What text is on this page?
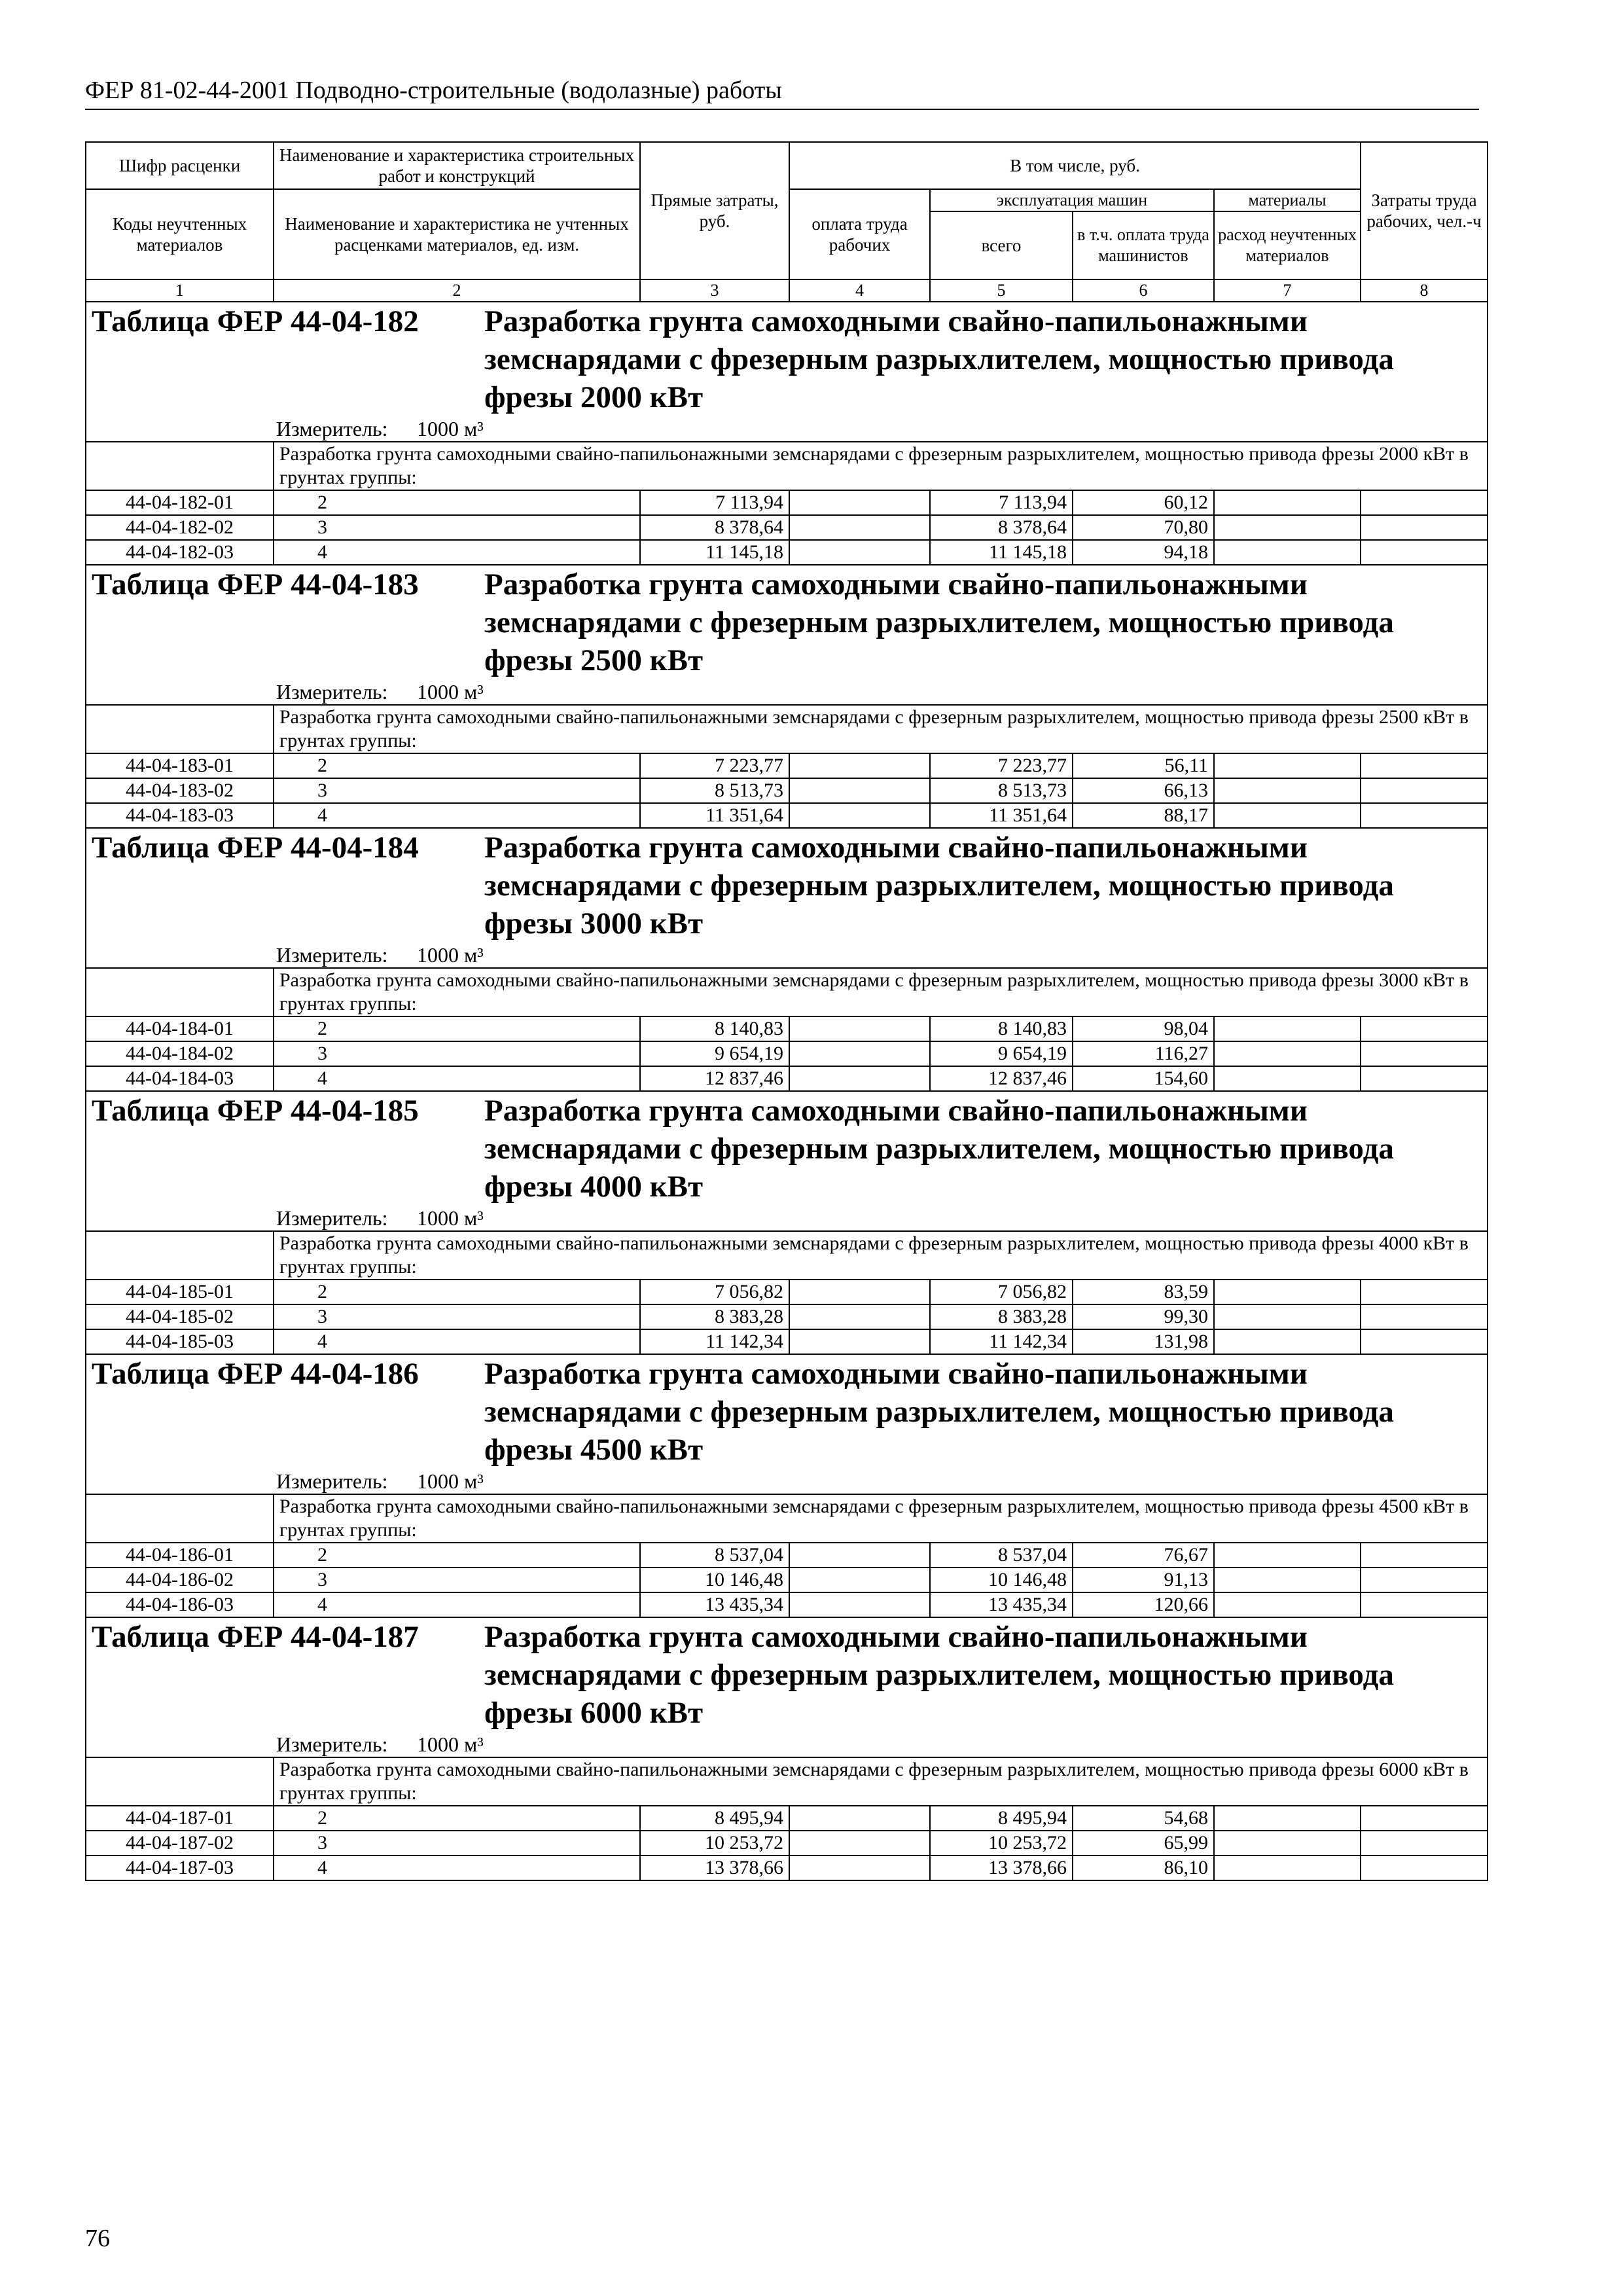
ФЕР 81-02-44-2001 Подводно-строительные (водолазные) работы
Шифр расценки	Наименование и характеристика строительных работ и конструкций	Прямые затраты, руб.	В том числе, руб.				Затраты труда рабочих, чел.-ч
Коды неучтенных материалов	Наименование и характеристика не учтенных расценками материалов, ед. изм.		оплата труда рабочих	эксплуатация машин		материалы	
				всего	в т.ч. оплата труда машинистов	расход неучтенных материалов	
1	2	3	4	5	6	7	8

Таблица ФЕР 44-04-182 Разработка грунта самоходными свайно-папильонажными земснарядами с фрезерным разрыхлителем, мощностью привода фрезы 2000 кВт
Измеритель: 1000 м³							

	Разработка грунта самоходными свайно-папильонажными земснарядами с фрезерным разрыхлителем, мощностью привода фрезы 2000 кВт в грунтах группы:						
44-04-182-01	2	7 113,94		7 113,94	60,12		
44-04-182-02	3	8 378,64		8 378,64	70,80		
44-04-182-03	4	11 145,18		11 145,18	94,18		

Таблица ФЕР 44-04-183 Разработка грунта самоходными свайно-папильонажными земснарядами с фрезерным разрыхлителем, мощностью привода фрезы 2500 кВт
Измеритель: 1000 м³							

	Разработка грунта самоходными свайно-папильонажными земснарядами с фрезерным разрыхлителем, мощностью привода фрезы 2500 кВт в грунтах группы:						
44-04-183-01	2	7 223,77		7 223,77	56,11		
44-04-183-02	3	8 513,73		8 513,73	66,13		
44-04-183-03	4	11 351,64		11 351,64	88,17		

Таблица ФЕР 44-04-184 Разработка грунта самоходными свайно-папильонажными земснарядами с фрезерным разрыхлителем, мощностью привода фрезы 3000 кВт
Измеритель: 1000 м³							

	Разработка грунта самоходными свайно-папильонажными земснарядами с фрезерным разрыхлителем, мощностью привода фрезы 3000 кВт в грунтах группы:						
44-04-184-01	2	8 140,83		8 140,83	98,04		
44-04-184-02	3	9 654,19		9 654,19	116,27		
44-04-184-03	4	12 837,46		12 837,46	154,60		

Таблица ФЕР 44-04-185 Разработка грунта самоходными свайно-папильонажными земснарядами с фрезерным разрыхлителем, мощностью привода фрезы 4000 кВт
Измеритель: 1000 м³							

	Разработка грунта самоходными свайно-папильонажными земснарядами с фрезерным разрыхлителем, мощностью привода фрезы 4000 кВт в грунтах группы:						
44-04-185-01	2	7 056,82		7 056,82	83,59		
44-04-185-02	3	8 383,28		8 383,28	99,30		
44-04-185-03	4	11 142,34		11 142,34	131,98		

Таблица ФЕР 44-04-186 Разработка грунта самоходными свайно-папильонажными земснарядами с фрезерным разрыхлителем, мощностью привода фрезы 4500 кВт
Измеритель: 1000 м³							

	Разработка грунта самоходными свайно-папильонажными земснарядами с фрезерным разрыхлителем, мощностью привода фрезы 4500 кВт в грунтах группы:						
44-04-186-01	2	8 537,04		8 537,04	76,67		
44-04-186-02	3	10 146,48		10 146,48	91,13		
44-04-186-03	4	13 435,34		13 435,34	120,66		

Таблица ФЕР 44-04-187 Разработка грунта самоходными свайно-папильонажными земснарядами с фрезерным разрыхлителем, мощностью привода фрезы 6000 кВт
Измеритель: 1000 м³							

	Разработка грунта самоходными свайно-папильонажными земснарядами с фрезерным разрыхлителем, мощностью привода фрезы 6000 кВт в грунтах группы:						
44-04-187-01	2	8 495,94		8 495,94	54,68		
44-04-187-02	3	10 253,72		10 253,72	65,99		
44-04-187-03	4	13 378,66		13 378,66	86,10		
76
